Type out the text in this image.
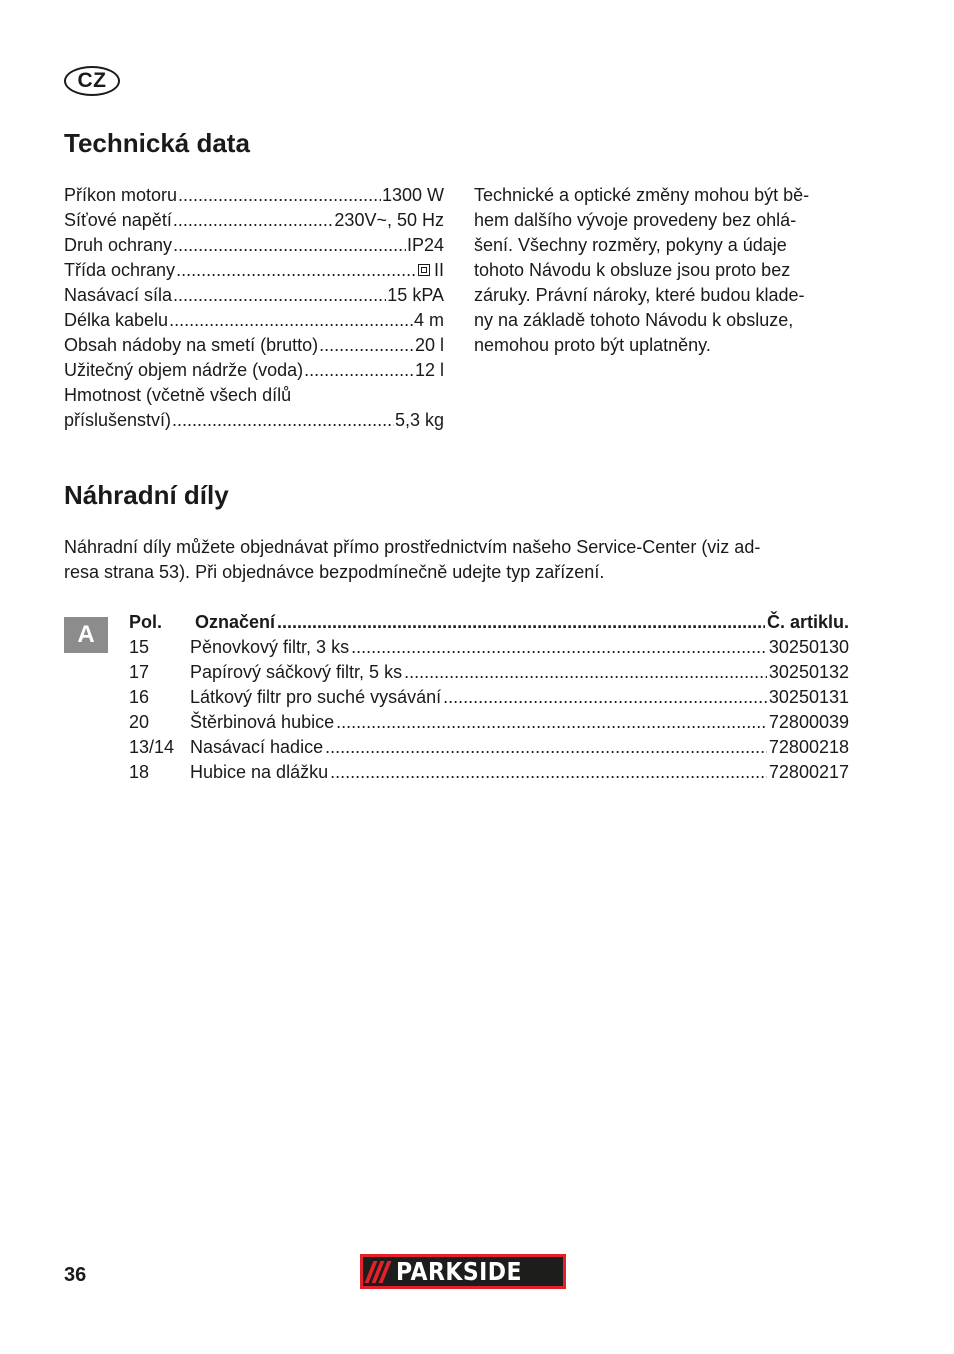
CZ
Technická data
Příkon motoru .....	1300 W
Síťové napětí .....	230V~, 50 Hz
Druh ochrany .....	IP24
Třída ochrany .....	II
Nasávací síla .....	15 kPA
Délka kabelu .....	4 m
Obsah nádoby na smetí (brutto) .....	20 l
Užitečný objem nádrže (voda) .....	12 l
Hmotnost (včetně všech dílů
příslušenství) .....	5,3 kg
Technické a optické změny mohou být bě-
hem dalšího vývoje provedeny bez ohlá-
šení. Všechny rozměry, pokyny a údaje
tohoto Návodu k obsluze jsou proto bez
záruky. Právní nároky, které budou klade-
ny na základě tohoto Návodu k obsluze,
nemohou proto být uplatněny.
Náhradní díly
Náhradní díly můžete objednávat přímo prostřednictvím našeho Service-Center (viz ad-
resa strana 53). Při objednávce bezpodmínečně udejte typ zařízení.
A Pol.	Označení .....	Č. artiklu.
15	Pěnovkový filtr, 3 ks .....	30250130
17	Papírový sáčkový filtr, 5 ks .....	30250132
16	Látkový filtr pro suché vysávání .....	30250131
20	Štěrbinová hubice .....	72800039
13/14 Nasávací hadice .....	72800218
18	Hubice na dlážku .....	72800217
36	PARKSIDE
